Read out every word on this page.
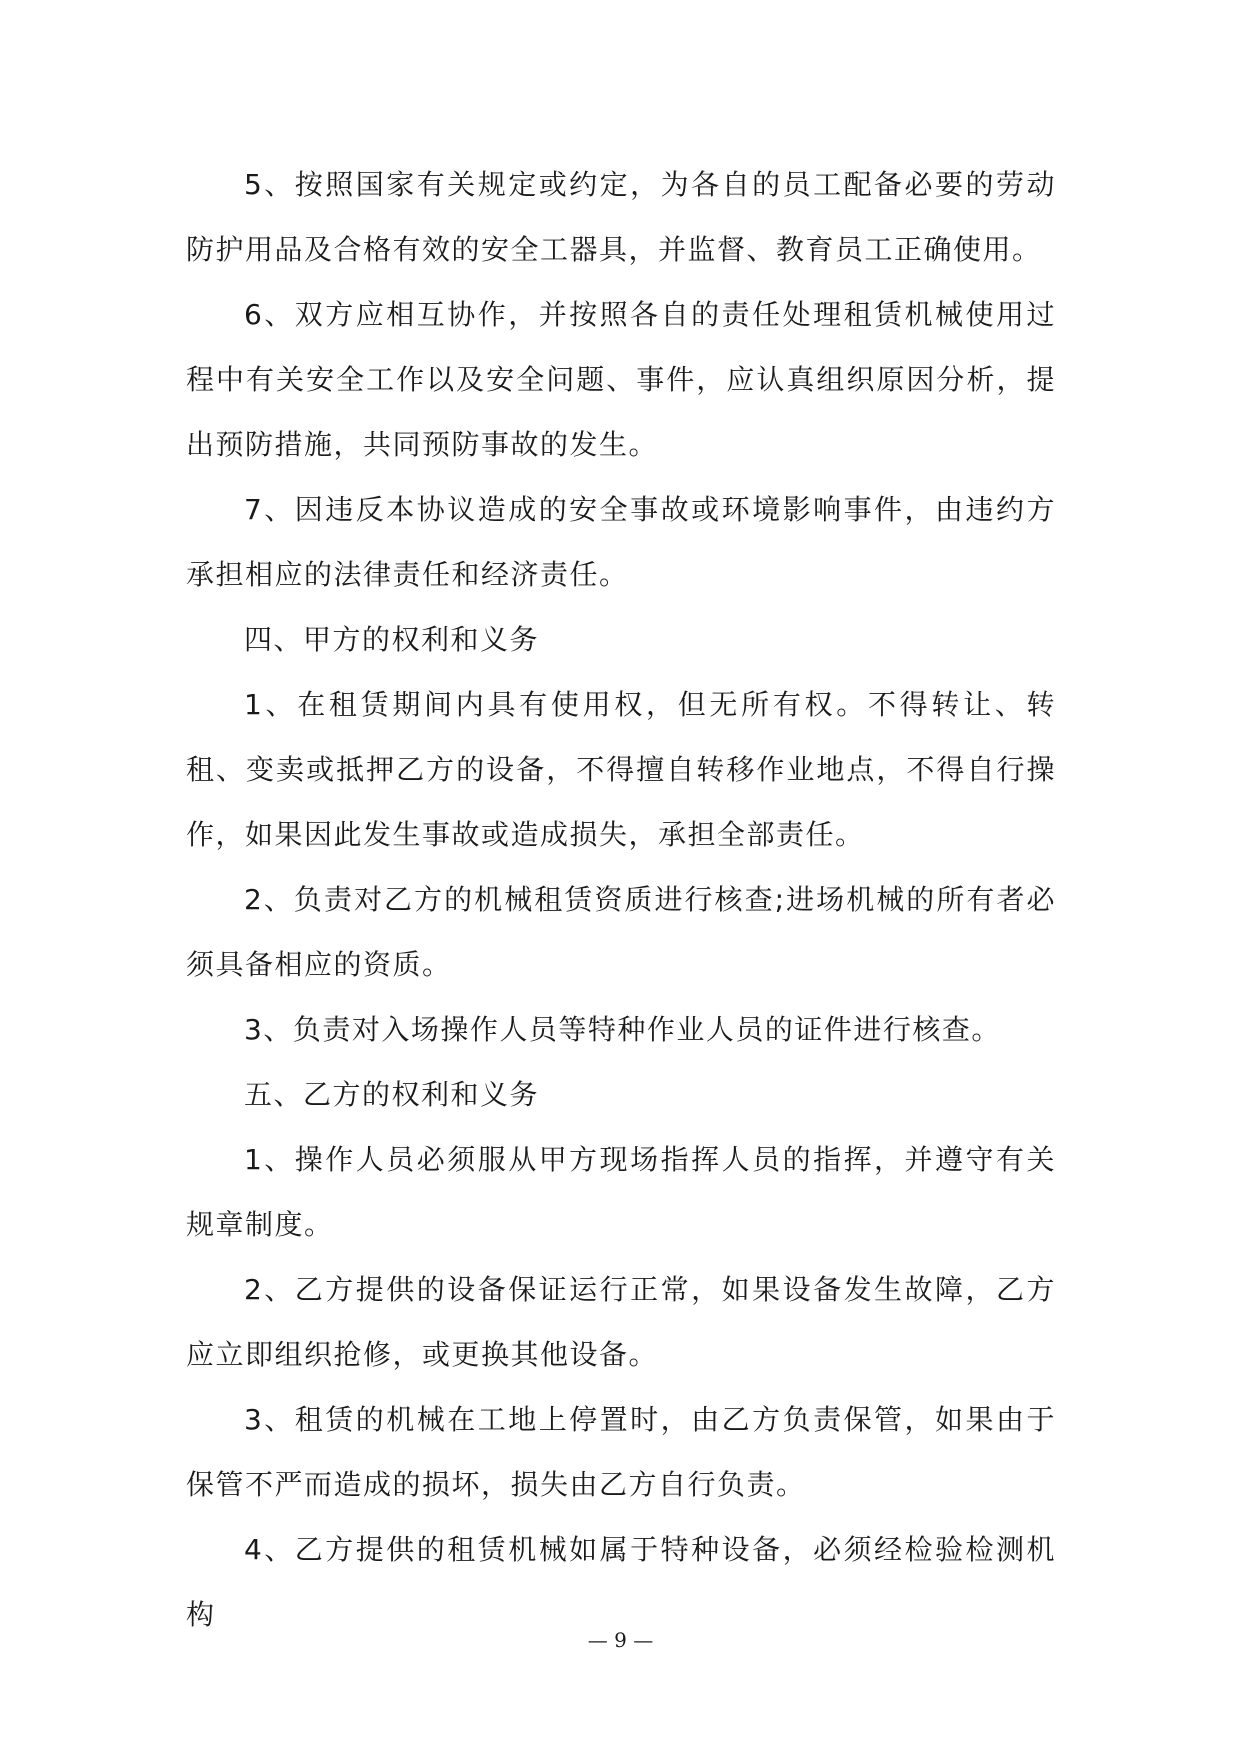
5、按照国家有关规定或约定，为各自的员工配备必要的劳动防护用品及合格有效的安全工器具，并监督、教育员工正确使用。

6、双方应相互协作，并按照各自的责任处理租赁机械使用过程中有关安全工作以及安全问题、事件，应认真组织原因分析，提出预防措施，共同预防事故的发生。

7、因违反本协议造成的安全事故或环境影响事件，由违约方承担相应的法律责任和经济责任。

四、甲方的权利和义务

1、在租赁期间内具有使用权，但无所有权。不得转让、转租、变卖或抵押乙方的设备，不得擅自转移作业地点，不得自行操作，如果因此发生事故或造成损失，承担全部责任。

2、负责对乙方的机械租赁资质进行核查;进场机械的所有者必须具备相应的资质。

3、负责对入场操作人员等特种作业人员的证件进行核查。

五、乙方的权利和义务

1、操作人员必须服从甲方现场指挥人员的指挥，并遵守有关规章制度。

2、乙方提供的设备保证运行正常，如果设备发生故障，乙方应立即组织抢修，或更换其他设备。

3、租赁的机械在工地上停置时，由乙方负责保管，如果由于保管不严而造成的损坏，损失由乙方自行负责。

4、乙方提供的租赁机械如属于特种设备，必须经检验检测机构

— 9 —
